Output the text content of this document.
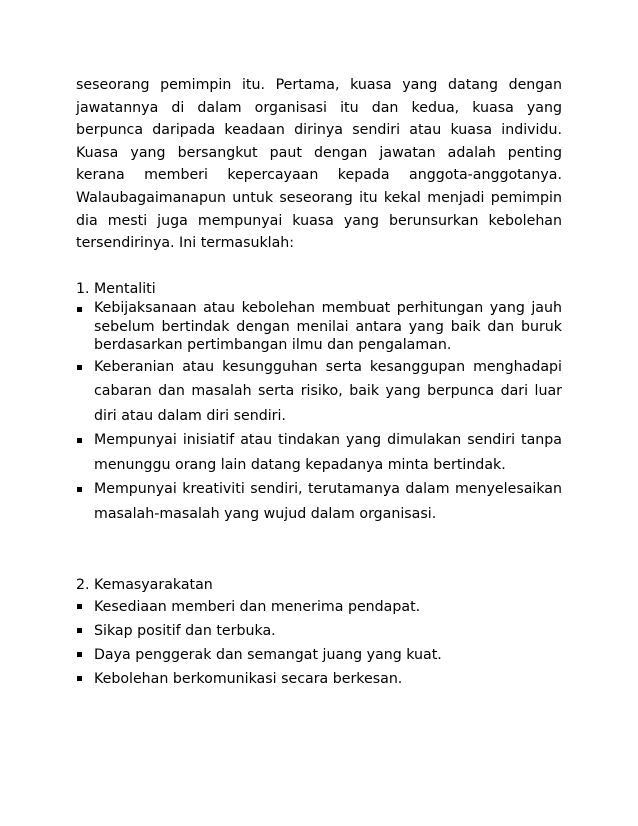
seseorang pemimpin itu. Pertama, kuasa yang datang dengan jawatannya di dalam organisasi itu dan kedua, kuasa yang berpunca daripada keadaan dirinya sendiri atau kuasa individu. Kuasa yang bersangkut paut dengan jawatan adalah penting kerana memberi kepercayaan kepada anggota-anggotanya. Walaubagaimanapun untuk seseorang itu kekal menjadi pemimpin dia mesti juga mempunyai kuasa yang berunsurkan kebolehan tersendirinya. Ini termasuklah:

1. Mentaliti

Kebijaksanaan atau kebolehan membuat perhitungan yang jauh sebelum bertindak dengan menilai antara yang baik dan buruk berdasarkan pertimbangan ilmu dan pengalaman.
Keberanian atau kesungguhan serta kesanggupan menghadapi cabaran dan masalah serta risiko, baik yang berpunca dari luar diri atau dalam diri sendiri.
Mempunyai inisiatif atau tindakan yang dimulakan sendiri tanpa menunggu orang lain datang kepadanya minta bertindak.
Mempunyai kreativiti sendiri, terutamanya dalam menyelesaikan masalah-masalah yang wujud dalam organisasi.

2. Kemasyarakatan

Kesediaan memberi dan menerima pendapat.
Sikap positif dan terbuka.
Daya penggerak dan semangat juang yang kuat.
Kebolehan berkomunikasi secara berkesan.
